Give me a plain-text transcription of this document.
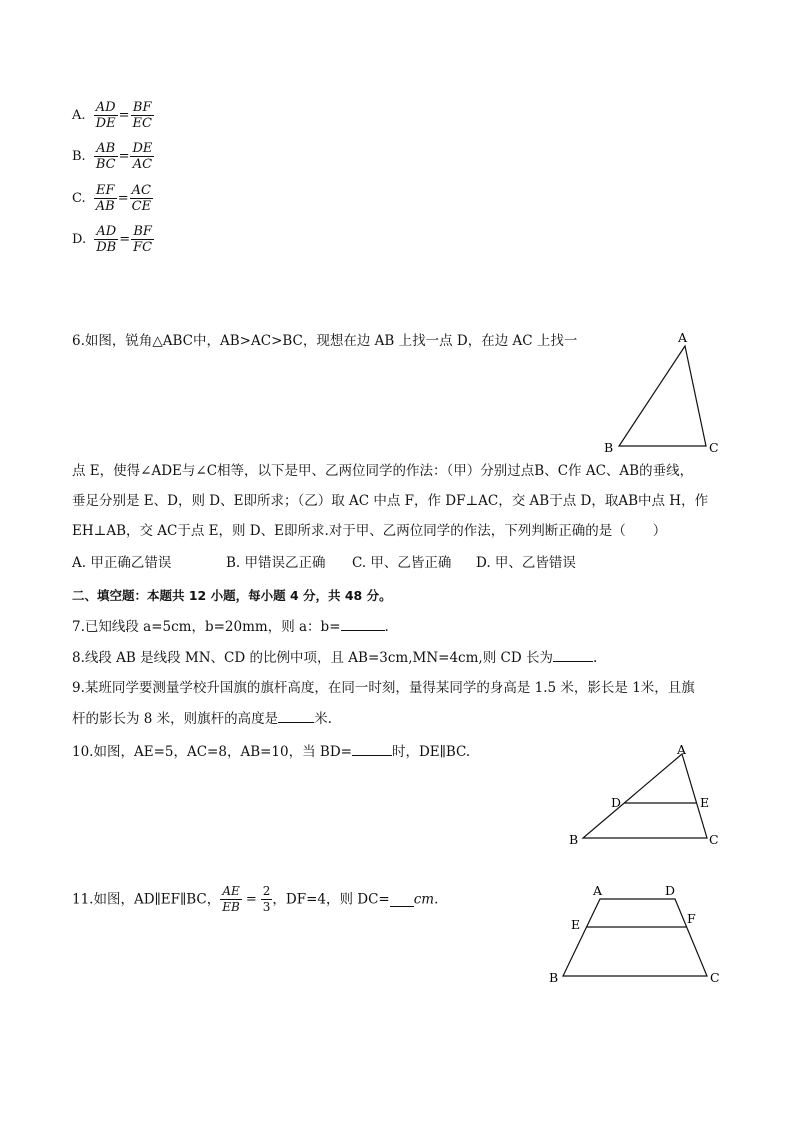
A. $\frac{AD}{DE} = \frac{BF}{EC}$
B. $\frac{AB}{BC} = \frac{DE}{AC}$
C. $\frac{EF}{AB} = \frac{AC}{CE}$
D. $\frac{AD}{DB} = \frac{BF}{FC}$
6.如图，锐角△ABC中，AB>AC>BC，现想在边 AB 上找一点 D，在边 AC 上找一	A
B	C
点 E，使得∠ADE与∠C相等，以下是甲、乙两位同学的作法：（甲）分别过点B、C作 AC、AB的垂线，
垂足分别是 E、D，则 D、E即所求；（乙）取 AC 中点 F，作 DF⊥AC，交 AB于点 D，取AB中点 H，作
EH⊥AB，交 AC于点 E，则 D、E即所求.对于甲、乙两位同学的作法，下列判断正确的是（　　）
A. 甲正确乙错误	B. 甲错误乙正确 C. 甲、乙皆正确 D. 甲、乙皆错误
二、填空题：本题共 12 小题，每小题 4 分，共 48 分。
7.已知线段 a=5cm，b=20mm，则 a：b=	.
8.线段 AB 是线段 MN、CD 的比例中项，且 AB=3cm,MN=4cm,则 CD 长为	.
9.某班同学要测量学校升国旗的旗杆高度，在同一时刻，量得某同学的身高是 1.5 米，影长是 1米，且旗
杆的影长为 8 米，则旗杆的高度是	米.
10.如图，AE=5，AC=8，AB=10，当 BD=	时，DE∥BC.	A
D	E
B	C
11.如图，AD∥EF∥BC， $\frac{AE}{EB} = \frac{2}{3}$ ，DF=4，则 DC= cm.
A	D
E	F
B	C
